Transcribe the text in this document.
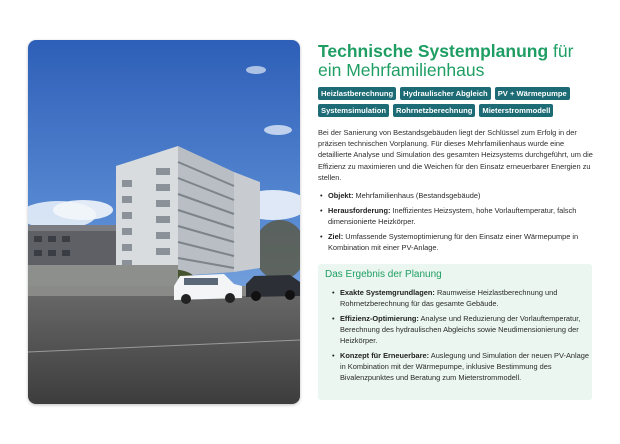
Technische Systemplanung für
ein Mehrfamilienhaus
Heizlastberechnung	Hydraulischer Abgleich	PV + Wärmepumpe
Systemsimulation	Rohrnetzberechnung	Mieterstrommodell

Bei der Sanierung von Bestandsgebäuden liegt der Schlüssel zum Erfolg in der präzisen technischen Vorplanung. Für dieses Mehrfamilienhaus wurde eine detaillierte Analyse und Simulation des gesamten Heizsystems durchgeführt, um die Effizienz zu maximieren und die Weichen für den Einsatz erneuerbarer Energien zu stellen.

• Objekt: Mehrfamilienhaus (Bestandsgebäude)
• Herausforderung: Ineffizientes Heizsystem, hohe Vorlauftemperatur, falsch dimensionierte Heizkörper.
• Ziel: Umfassende Systemoptimierung für den Einsatz einer Wärmepumpe in Kombination mit einer PV-Anlage.
Das Ergebnis der Planung
• Exakte Systemgrundlagen: Raumweise Heizlastberechnung und Rohrnetzberechnung für das gesamte Gebäude.
• Effizienz-Optimierung: Analyse und Reduzierung der Vorlauftemperatur, Berechnung des hydraulischen Abgleichs sowie Neudimensionierung der Heizkörper.
• Konzept für Erneuerbare: Auslegung und Simulation der neuen PV-Anlage in Kombination mit der Wärmepumpe, inklusive Bestimmung des Bivalenzpunktes und Beratung zum Mieterstrommodell.
